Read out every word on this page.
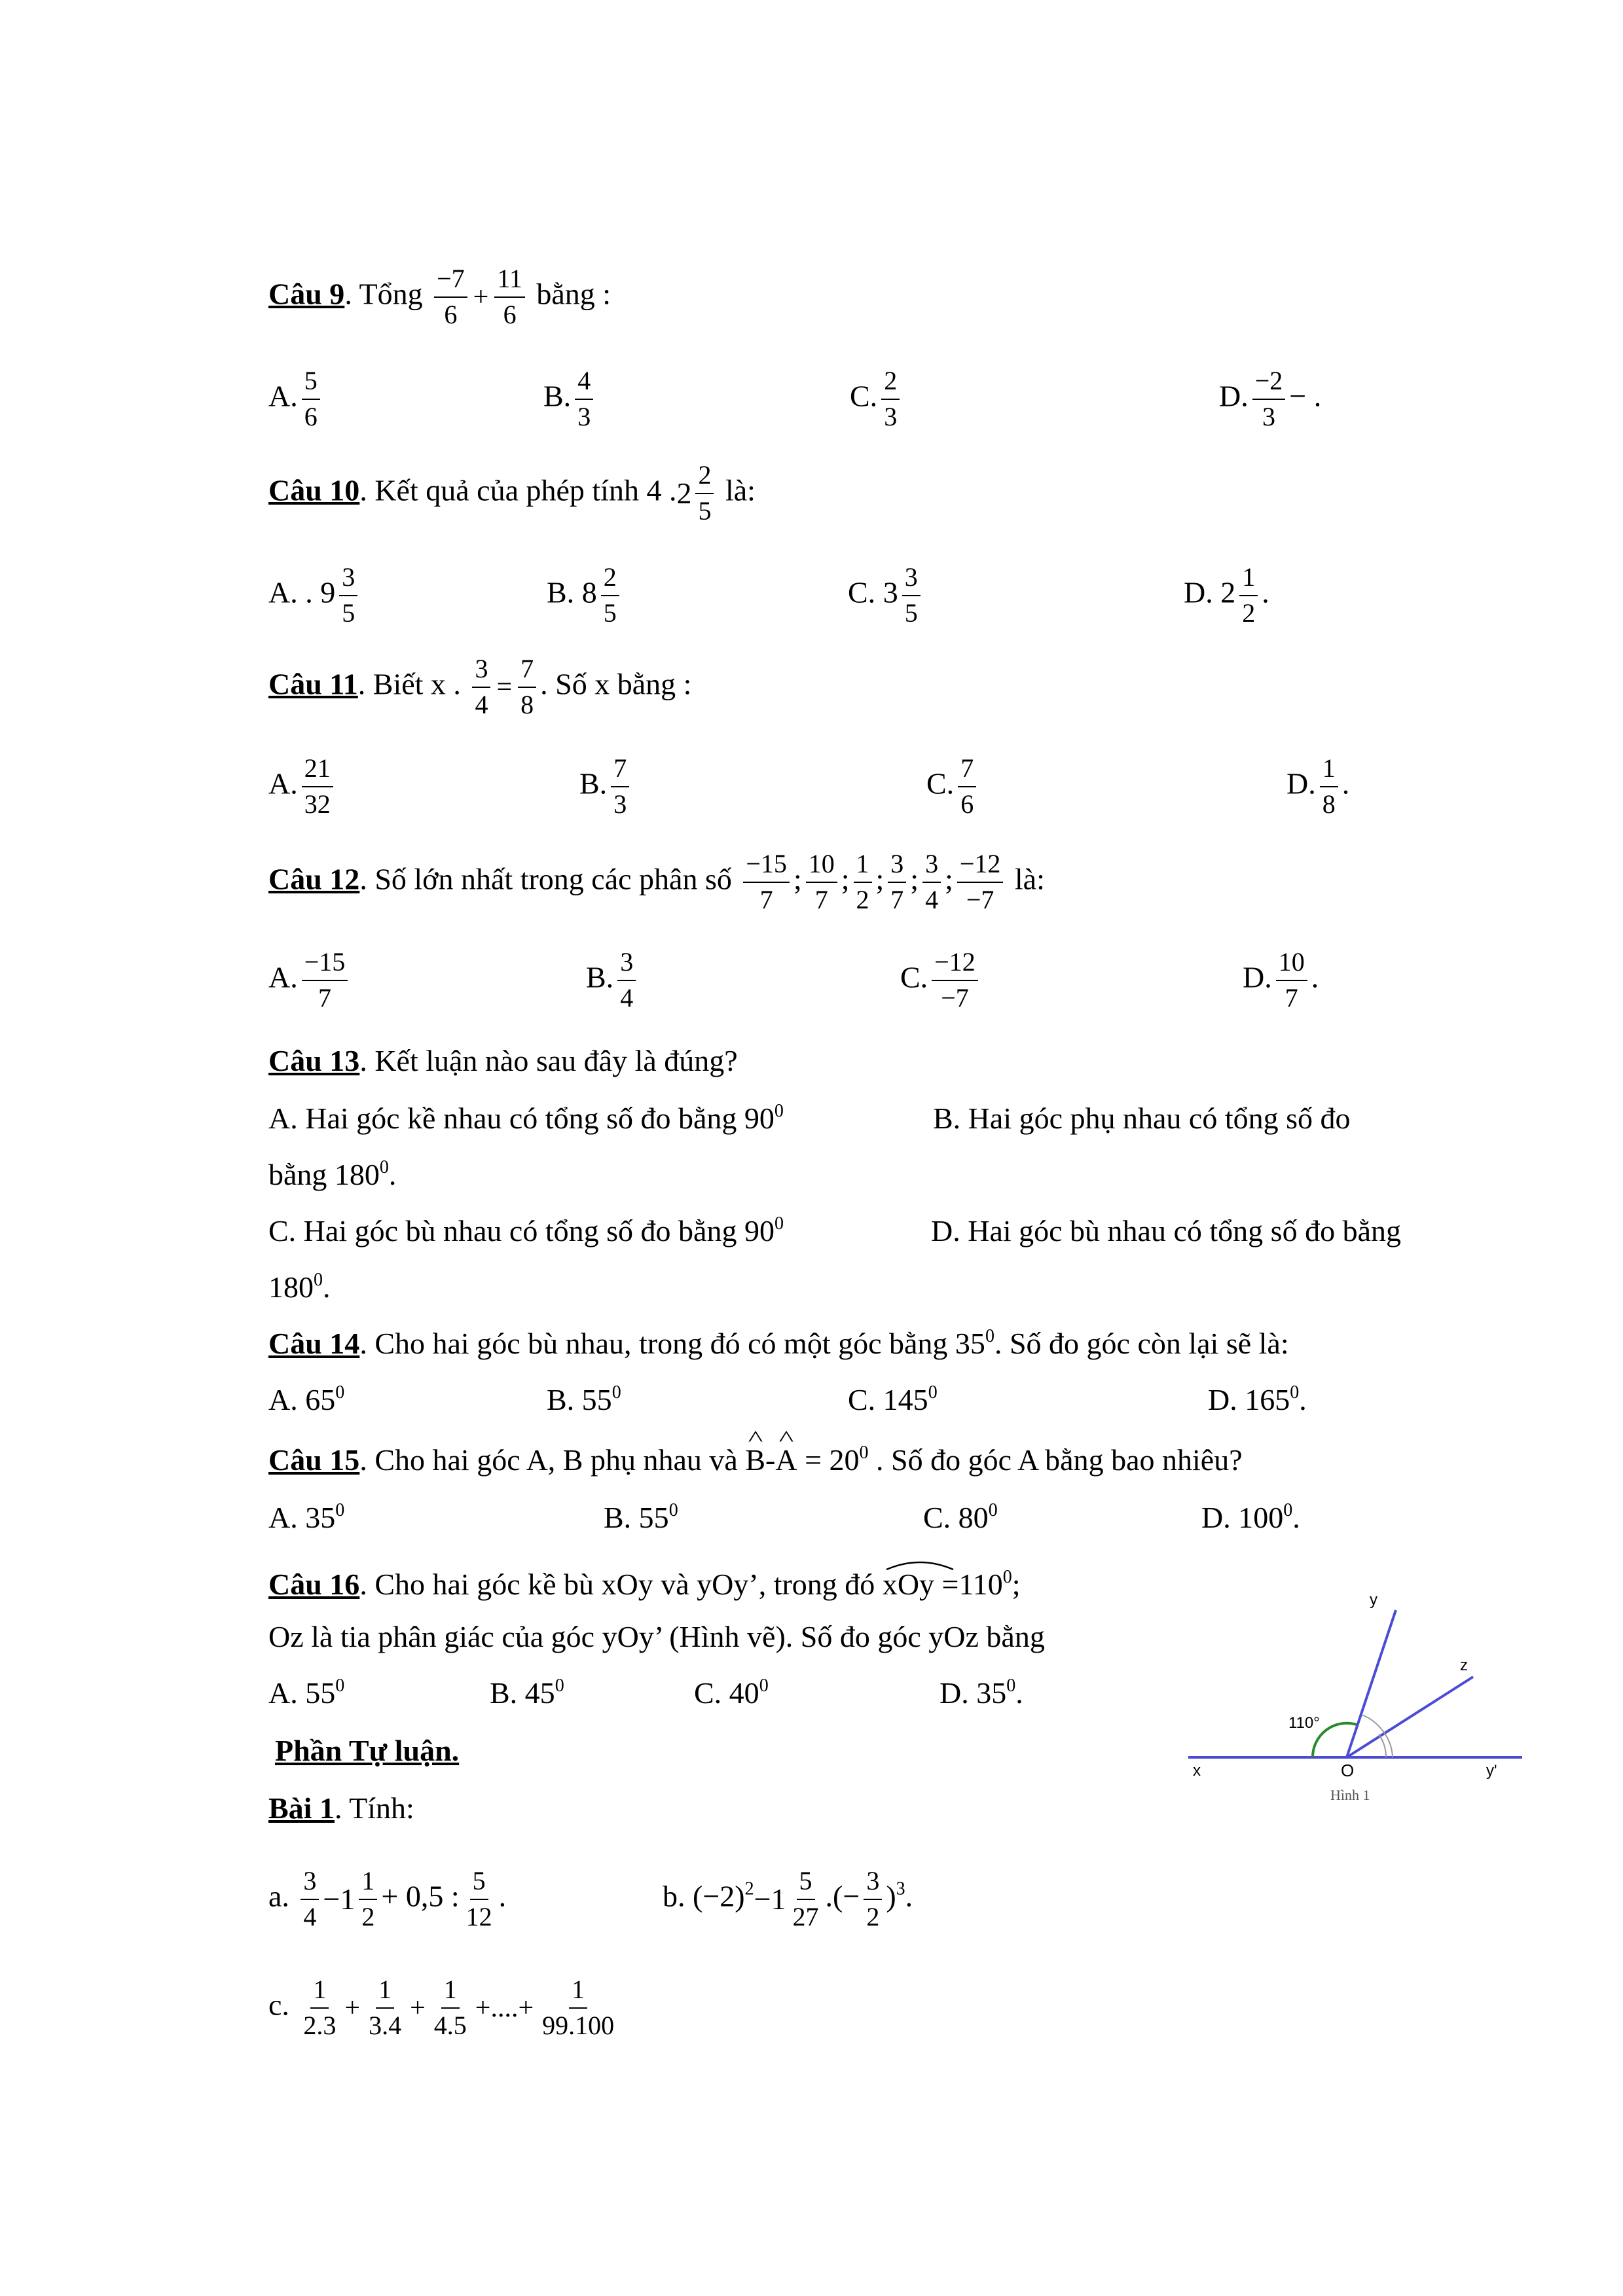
Câu 9. Tổng $\frac{-7}{6} + \frac{11}{6}$ bằng :
A. $\frac{5}{6}$	B. $\frac{4}{3}$	C. $\frac{2}{3}$	D. $\frac{-2}{3}$ − .
Câu 10. Kết quả của phép tính 4 . 2
2
5
là:
A. . $9 \frac{3}{5}$	B. $8 \frac{2}{5}$	C. $3 \frac{3}{5}$	D. $2 \frac{1}{2}$ .
Câu 11. Biết x . $\frac{3}{4} = \frac{7}{8}$ . Số x bằng :
A. $\frac{21}{32}$	B. $\frac{7}{3}$	C. $\frac{7}{6}$	D. $\frac{1}{8}$ .
Câu 12. Số lớn nhất trong các phân số $\frac{-15}{7}$ ; $\frac{10}{7}$ ; $\frac{1}{2}$ ; $\frac{3}{7}$ ; $\frac{3}{4}$ ; $\frac{-12}{-7}$ là:
A. $\frac{-15}{7}$	B. $\frac{3}{4}$	C. $\frac{-12}{-7}$	D. $\frac{10}{7}$ .
Câu 13. Kết luận nào sau đây là đúng?
A. Hai góc kề nhau có tổng số đo bằng $90^0$	B. Hai góc phụ nhau có tổng số đo
bằng $180^0$.
C. Hai góc bù nhau có tổng số đo bằng $90^0$	D. Hai góc bù nhau có tổng số đo bằng
$180^0$.
Câu 14. Cho hai góc bù nhau, trong đó có một góc bằng $35^0$. Số đo góc còn lại sẽ là:
A. $65^0$	B. $55^0$	C. $145^0$	D. $165^0$.
Câu 15. Cho hai góc A, B phụ nhau và ^ B-^ $A = 20^0$ . Số đo góc A bằng bao nhiêu?
A. $35^0$	B. $55^0$	C. $80^0$	D. $100^0$.
Câu 16. Cho hai góc kề bù xOy và yOy’, trong đó xOy $=110^0$;
Oz là tia phân giác của góc yOy’ (Hình vẽ). Số đo góc yOz bằng
A. $55^0$	B. $45^0$	C. $40^0$	D. $35^0$.
y
z
x	O	y'
110°
Hình 1
Phần Tự luận.
Bài 1. Tính:
a. $\frac{3}{4} -1$
1
2
+ 0,5 : $\frac{5}{12}$ .	b. $(-2)^2 -1$
5
27
.(− $\frac{3}{2} )^3$.
c. $\frac{1}{2.3} + \frac{1}{3.4} + \frac{1}{4.5}$ +....+ $\frac{1}{99.100}$
